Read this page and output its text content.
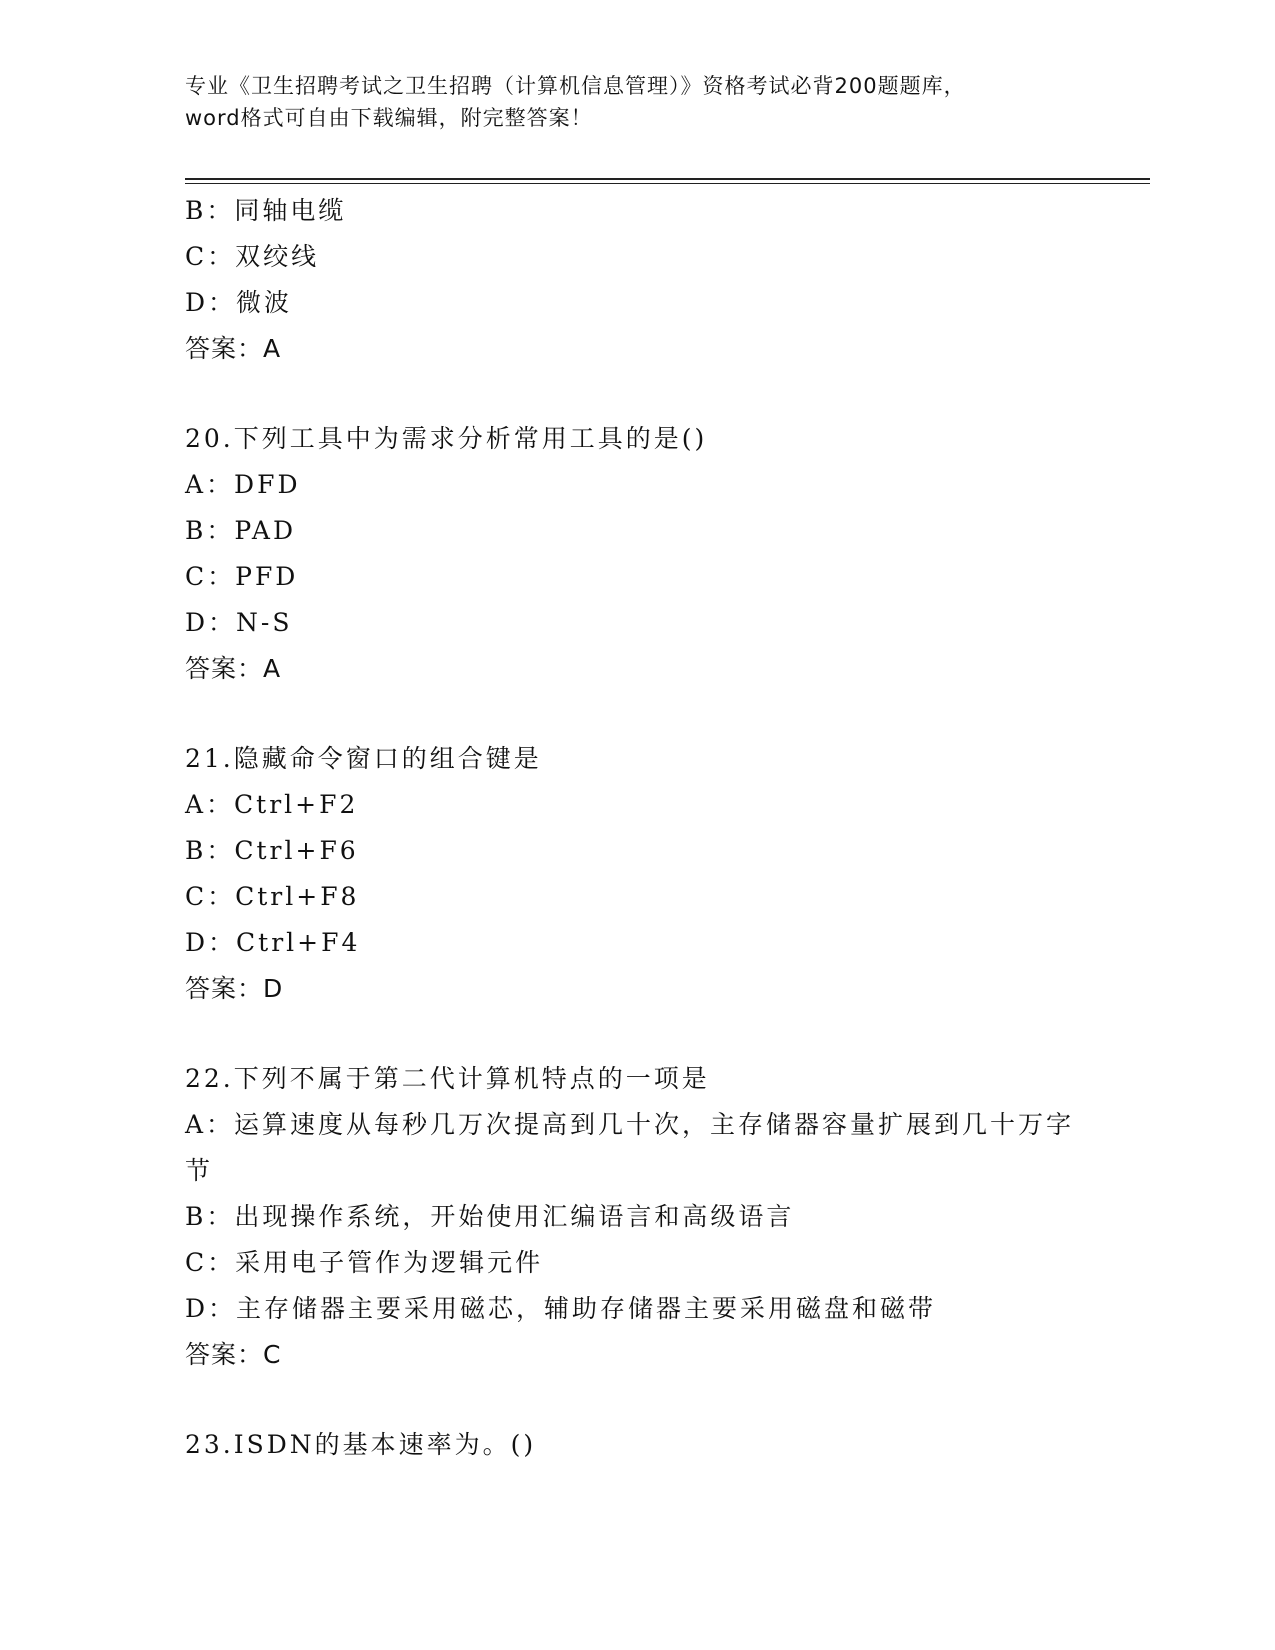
专业《卫生招聘考试之卫生招聘（计算机信息管理）》资格考试必背200题题库，
word格式可自由下载编辑，附完整答案！

B：同轴电缆

C：双绞线

D：微波

答案：A

20.下列工具中为需求分析常用工具的是()

A：DFD

B：PAD

C：PFD

D：N-S

答案：A

21.隐藏命令窗口的组合键是

A：Ctrl+F2

B：Ctrl+F6

C：Ctrl+F8

D：Ctrl+F4

答案：D

22.下列不属于第二代计算机特点的一项是

A：运算速度从每秒几万次提高到几十次，主存储器容量扩展到几十万字节

B：出现操作系统，开始使用汇编语言和高级语言

C：采用电子管作为逻辑元件

D：主存储器主要采用磁芯，辅助存储器主要采用磁盘和磁带

答案：C

23.ISDN的基本速率为。()
